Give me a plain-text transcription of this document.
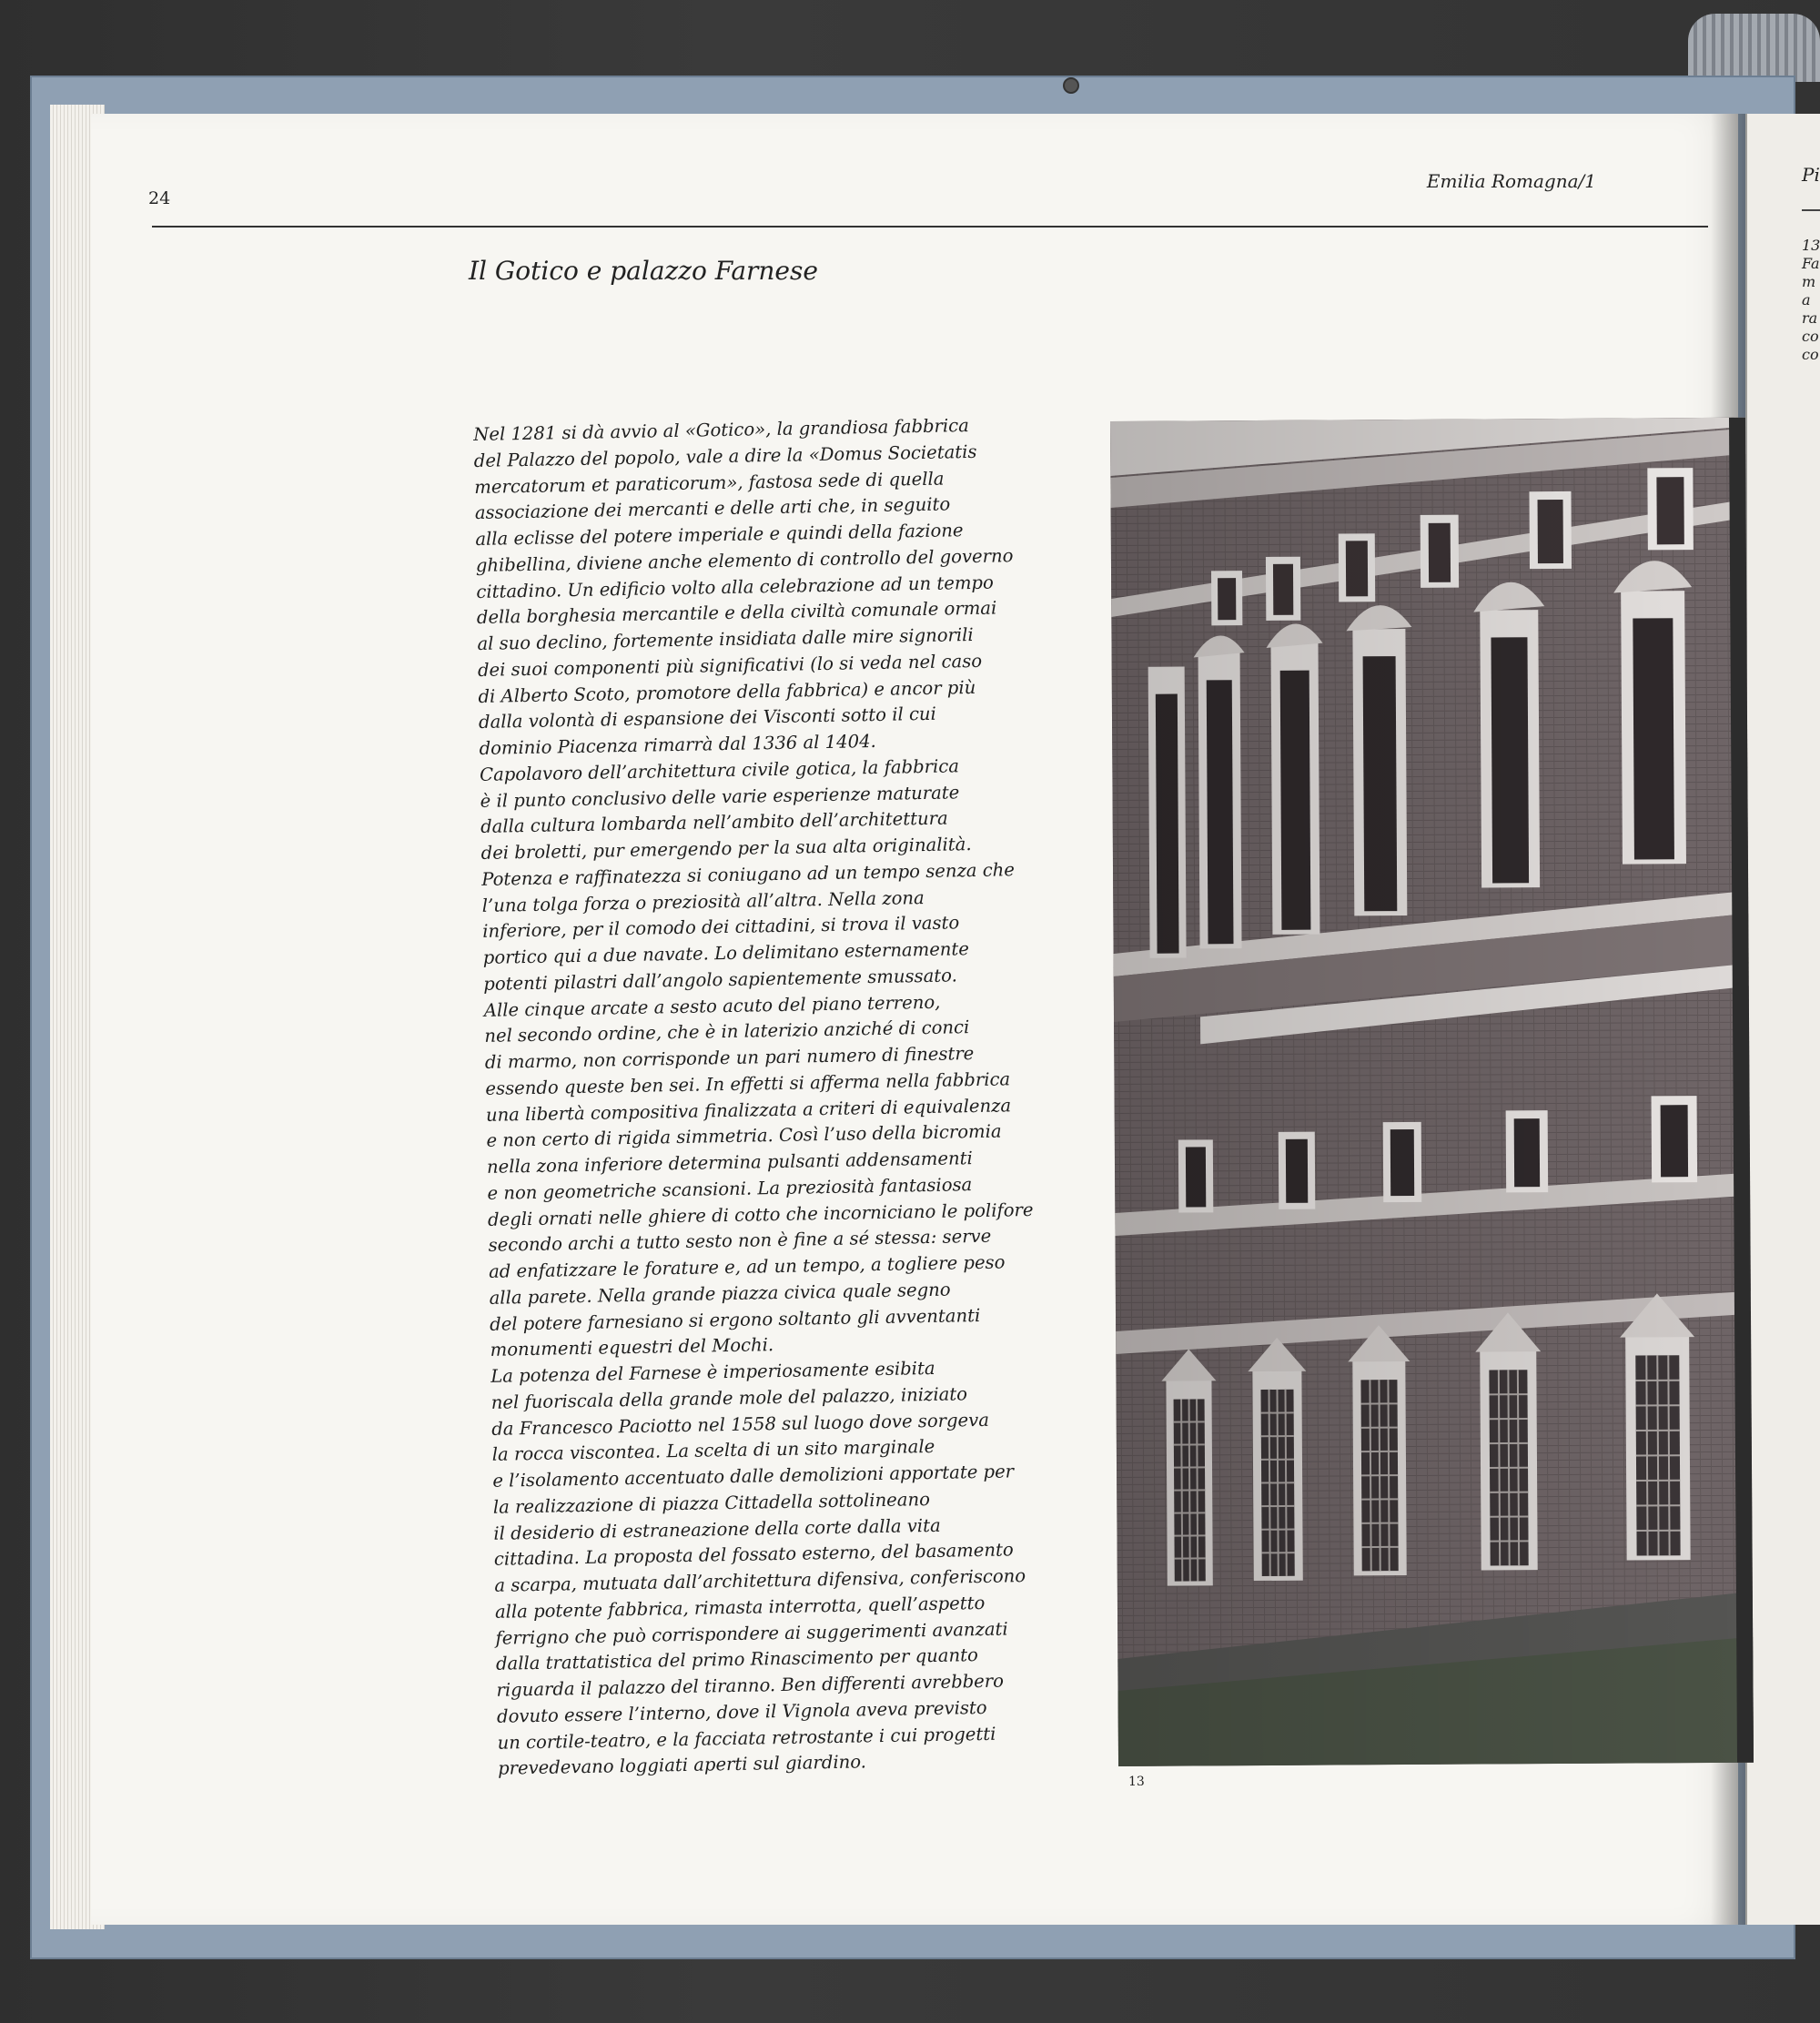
24
Emilia Romagna/1
Il Gotico e palazzo Farnese

Nel 1281 si dà avvio al «Gotico», la grandiosa fabbrica
del Palazzo del popolo, vale a dire la «Domus Societatis
mercatorum et paraticorum», fastosa sede di quella
associazione dei mercanti e delle arti che, in seguito
alla eclisse del potere imperiale e quindi della fazione
ghibellina, diviene anche elemento di controllo del governo
cittadino. Un edificio volto alla celebrazione ad un tempo
della borghesia mercantile e della civiltà comunale ormai
al suo declino, fortemente insidiata dalle mire signorili
dei suoi componenti più significativi (lo si veda nel caso
di Alberto Scoto, promotore della fabbrica) e ancor più
dalla volontà di espansione dei Visconti sotto il cui
dominio Piacenza rimarrà dal 1336 al 1404.
Capolavoro dell’architettura civile gotica, la fabbrica
è il punto conclusivo delle varie esperienze maturate
dalla cultura lombarda nell’ambito dell’architettura
dei broletti, pur emergendo per la sua alta originalità.
Potenza e raffinatezza si coniugano ad un tempo senza che
l’una tolga forza o preziosità all’altra. Nella zona
inferiore, per il comodo dei cittadini, si trova il vasto
portico qui a due navate. Lo delimitano esternamente
potenti pilastri dall’angolo sapientemente smussato.
Alle cinque arcate a sesto acuto del piano terreno,
nel secondo ordine, che è in laterizio anziché di conci
di marmo, non corrisponde un pari numero di finestre
essendo queste ben sei. In effetti si afferma nella fabbrica
una libertà compositiva finalizzata a criteri di equivalenza
e non certo di rigida simmetria. Così l’uso della bicromia
nella zona inferiore determina pulsanti addensamenti
e non geometriche scansioni. La preziosità fantasiosa
degli ornati nelle ghiere di cotto che incorniciano le polifore
secondo archi a tutto sesto non è fine a sé stessa: serve
ad enfatizzare le forature e, ad un tempo, a togliere peso
alla parete. Nella grande piazza civica quale segno
del potere farnesiano si ergono soltanto gli avventanti
monumenti equestri del Mochi.
La potenza del Farnese è imperiosamente esibita
nel fuoriscala della grande mole del palazzo, iniziato
da Francesco Paciotto nel 1558 sul luogo dove sorgeva
la rocca viscontea. La scelta di un sito marginale
e l’isolamento accentuato dalle demolizioni apportate per
la realizzazione di piazza Cittadella sottolineano
il desiderio di estraneazione della corte dalla vita
cittadina. La proposta del fossato esterno, del basamento
a scarpa, mutuata dall’architettura difensiva, conferiscono
alla potente fabbrica, rimasta interrotta, quell’aspetto
ferrigno che può corrispondere ai suggerimenti avanzati
dalla trattatistica del primo Rinascimento per quanto
riguarda il palazzo del tiranno. Ben differenti avrebbero
dovuto essere l’interno, dove il Vignola aveva previsto
un cortile-teatro, e la facciata retrostante i cui progetti
prevedevano loggiati aperti sul giardino.

13
Pi
13
Fa
m
a
ra
co
co
